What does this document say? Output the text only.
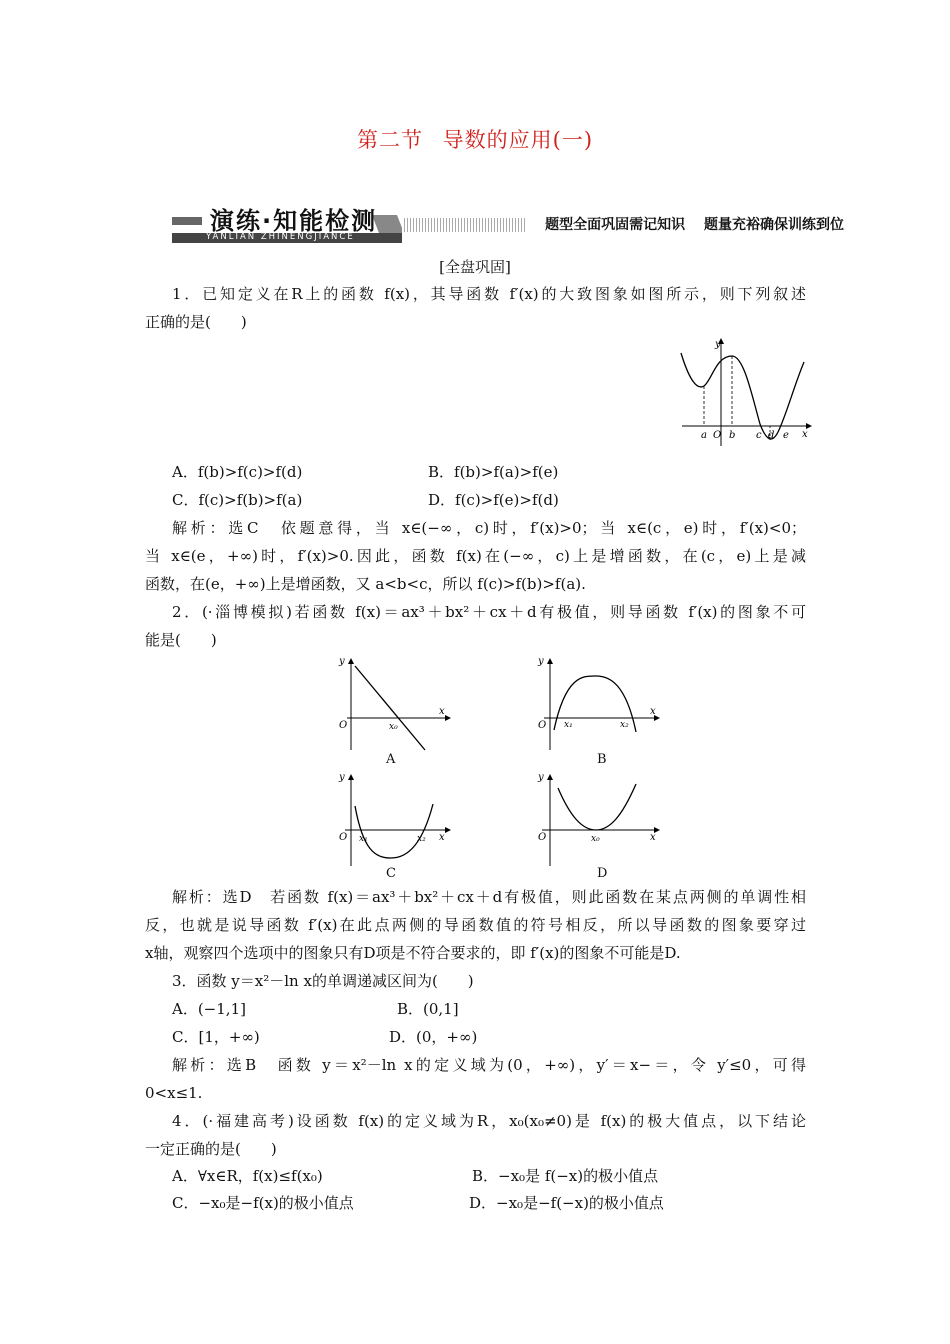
第二节 导数的应用(一)
演练·知能检测
YANLIAN ZHINENGJIANCE
题型全面巩固需记知识 题量充裕确保训练到位
[全盘巩固]
1．已知定义在R上的函数 f(x)，其导函数 f′(x)的大致图象如图所示，则下列叙述
正确的是(　　)
y
x
O
a b c d e
A．f(b)>f(c)>f(d)	B．f(b)>f(a)>f(e)
C．f(c)>f(b)>f(a)	D．f(c)>f(e)>f(d)
解析：选C　依题意得，当 x∈(−∞，c)时，f′(x)>0；当 x∈(c，e)时，f′(x)<0；
当 x∈(e，+∞)时，f′(x)>0.因此，函数 f(x)在(−∞，c)上是增函数，在(c，e)上是减
函数，在(e，+∞)上是增函数，又 a<b<c，所以 f(c)>f(b)>f(a).
2．(·淄博模拟)若函数 f(x)＝ax³＋bx²＋cx＋d有极值，则导函数 f′(x)的图象不可
能是(　　)
y
x
O	x₀
A
y
x
O x₁	x₂
B
y
x
O x₁	x₂
C
y
x
O	x₀
D
解析：选D　若函数 f(x)＝ax³＋bx²＋cx＋d有极值，则此函数在某点两侧的单调性相
反，也就是说导函数 f′(x)在此点两侧的导函数值的符号相反，所以导函数的图象要穿过
x轴，观察四个选项中的图象只有D项是不符合要求的，即 f′(x)的图象不可能是D.
3．函数 y＝x²－ln x的单调递减区间为(　　)
A．(−1,1]	B．(0,1]
C．[1，+∞)	D．(0，+∞)
解析：选B　函数 y＝x²－ln x的定义域为(0，+∞)，y′＝x−＝，令 y′≤0，可得
0<x≤1.
4．(·福建高考)设函数 f(x)的定义域为R，x₀(x₀≠0)是 f(x)的极大值点，以下结论
一定正确的是(　　)
A．∀x∈R，f(x)≤f(x₀)	B．−x₀是 f(−x)的极小值点
C．−x₀是−f(x)的极小值点	D．−x₀是−f(−x)的极小值点
